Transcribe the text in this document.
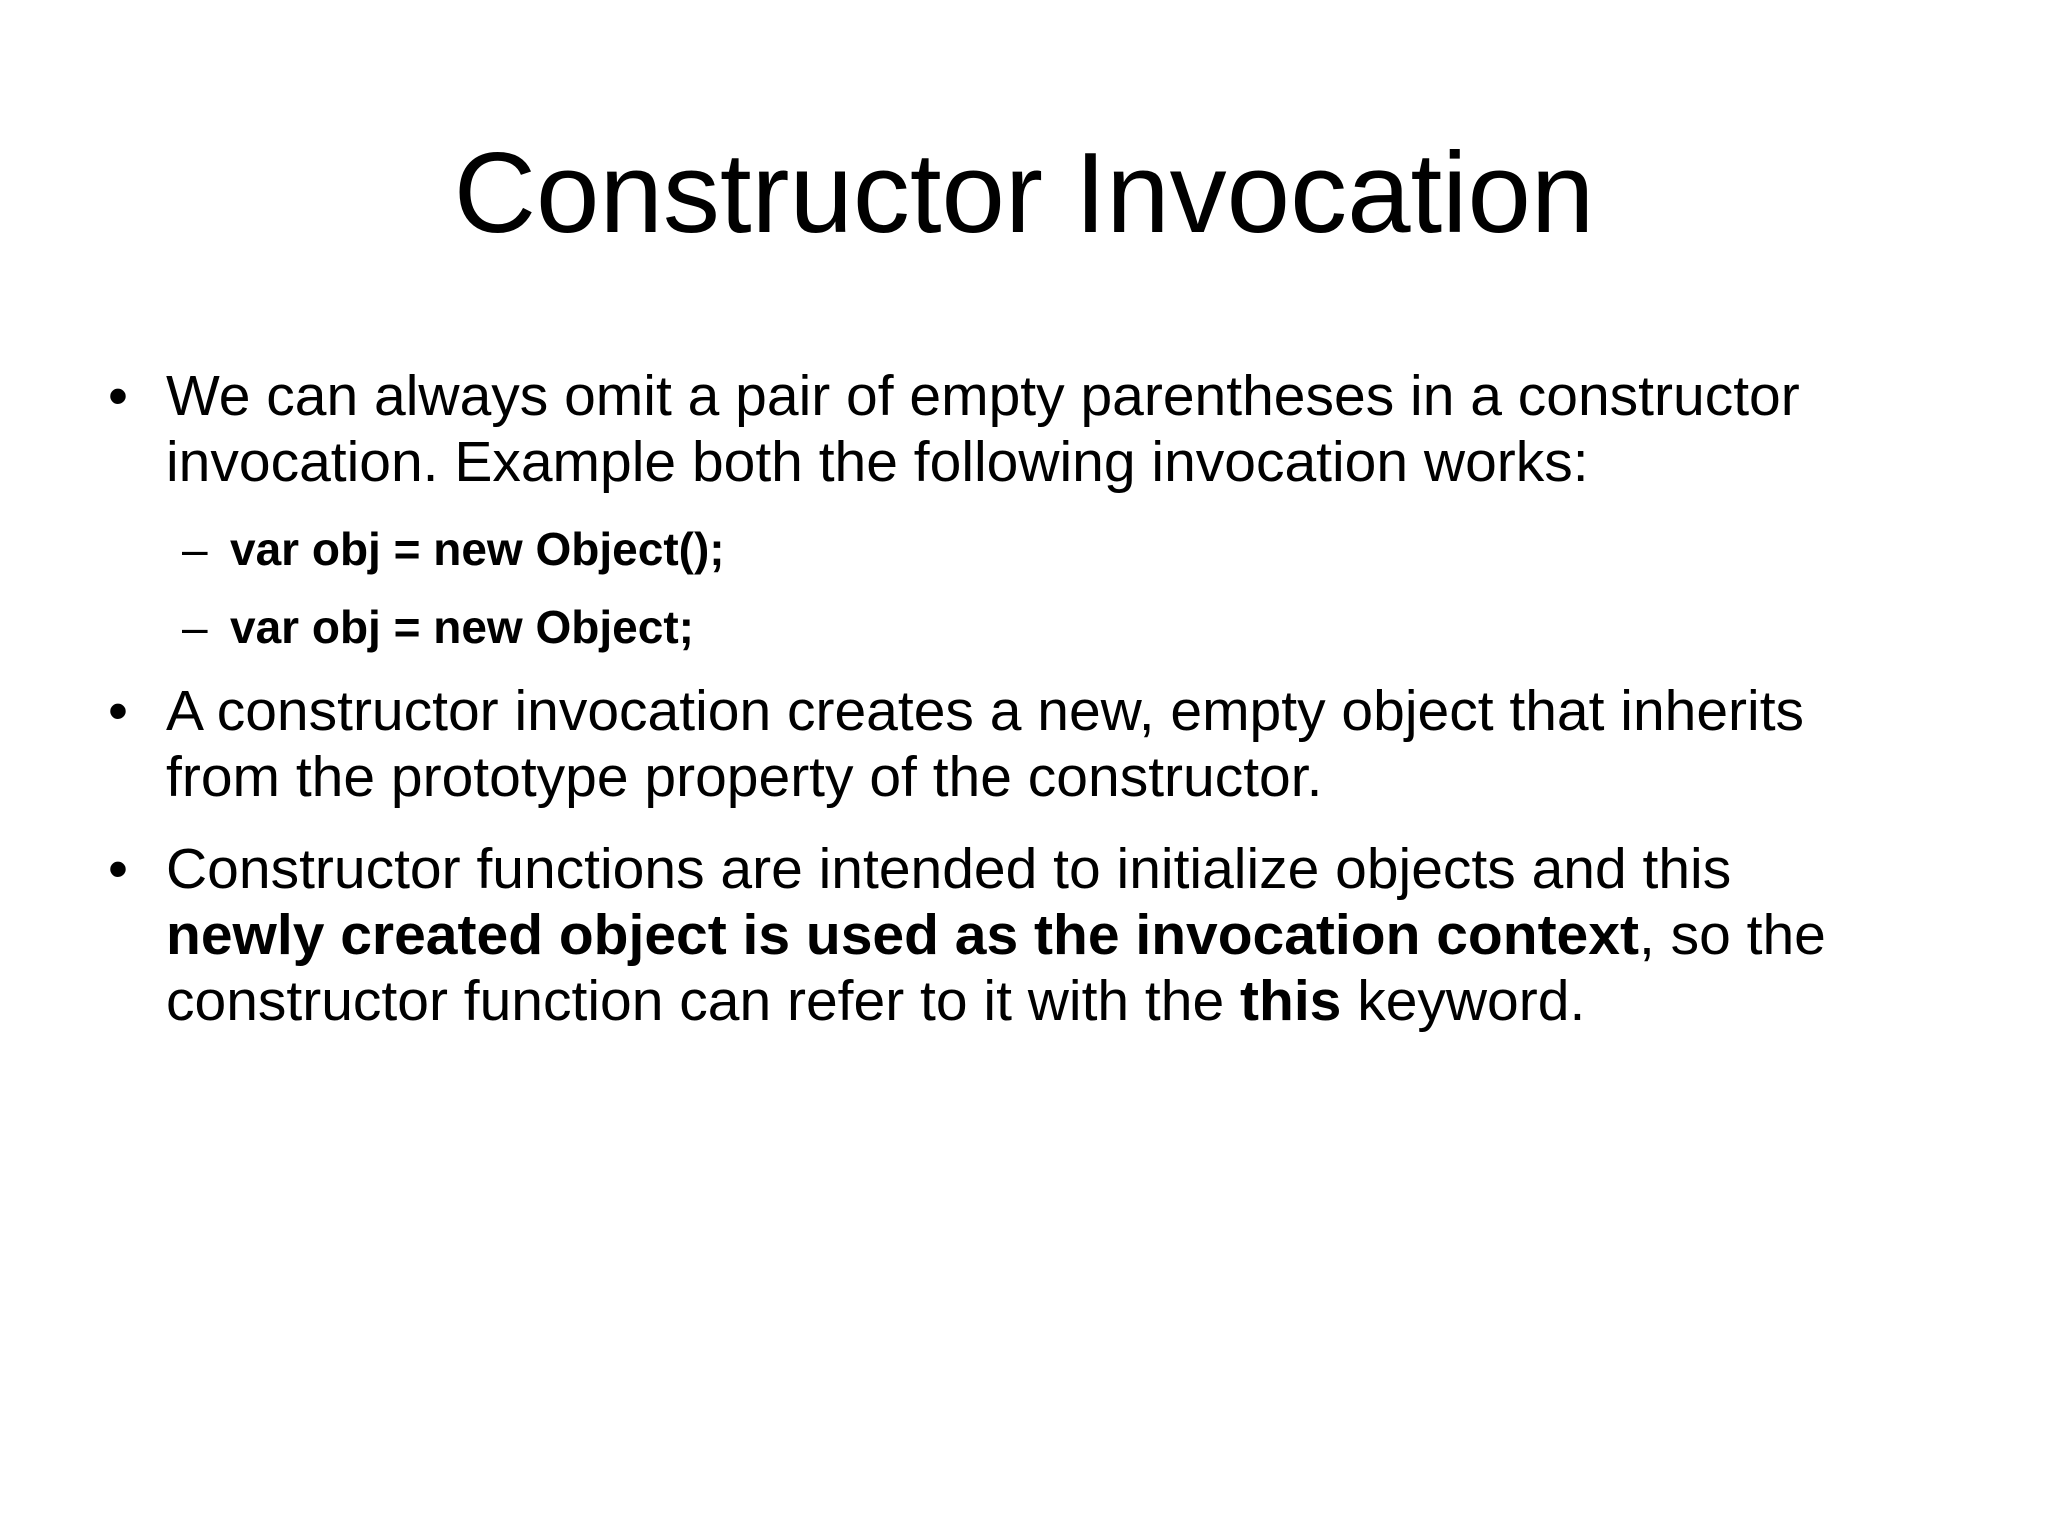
Constructor Invocation
• We can always omit a pair of empty parentheses in a constructor
invocation. Example both the following invocation works:
– var obj = new Object();
– var obj = new Object;
• A constructor invocation creates a new, empty object that inherits
from the prototype property of the constructor.
• Constructor functions are intended to initialize objects and this
newly created object is used as the invocation context, so the
constructor function can refer to it with the this keyword.
